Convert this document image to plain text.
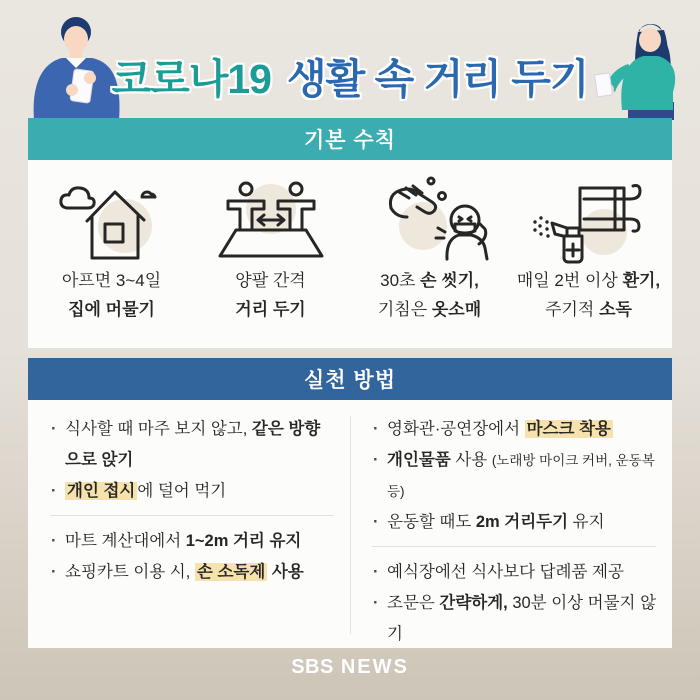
코로나19 생활 속 거리 두기
기본 수칙
아프면 3~4일
집에 머물기
양팔 간격
거리 두기
30초 손 씻기,
기침은 옷소매
매일 2번 이상 환기,
주기적 소독
실천 방법
· 식사할 때 마주 보지 않고, 같은 방향으로 앉기
· 개인 접시 에 덜어 먹기
· 마트 계산대에서 1~2m 거리 유지
· 쇼핑카트 이용 시, 손 소독제 사용
· 영화관·공연장에서 마스크 착용
· 개인물품 사용 (노래방 마이크 커버, 운동복 등)
· 운동할 때도 2m 거리두기 유지
· 예식장에선 식사보다 답례품 제공
· 조문은 간략하게, 30분 이상 머물지 않기
SBS NEWS
